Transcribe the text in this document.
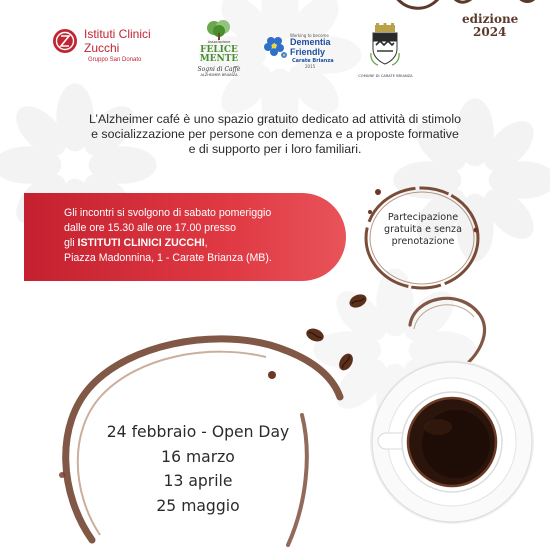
edizione
2024
Istituti Clinici
Zucchi
Gruppo San Donato
Associazione
FELICE
MENTE
Sogni di Caffè
ALZHEIMER BRIANZA
Working to become
Dementia
Friendly
Carate Brianza
2015
COMUNE DI CARATE BRIANZA
L’Alzheimer café è uno spazio gratuito dedicato ad attività di stimolo
e socializzazione per persone con demenza e a proposte formative
e di supporto per i loro familiari.
Gli incontri si svolgono di sabato pomeriggio
dalle ore 15.30 alle ore 17.00 presso
gli ISTITUTI CLINICI ZUCCHI,
Piazza Madonnina, 1 - Carate Brianza (MB).
Partecipazione
gratuita e senza
prenotazione
24 febbraio - Open Day
16 marzo
13 aprile
25 maggio
